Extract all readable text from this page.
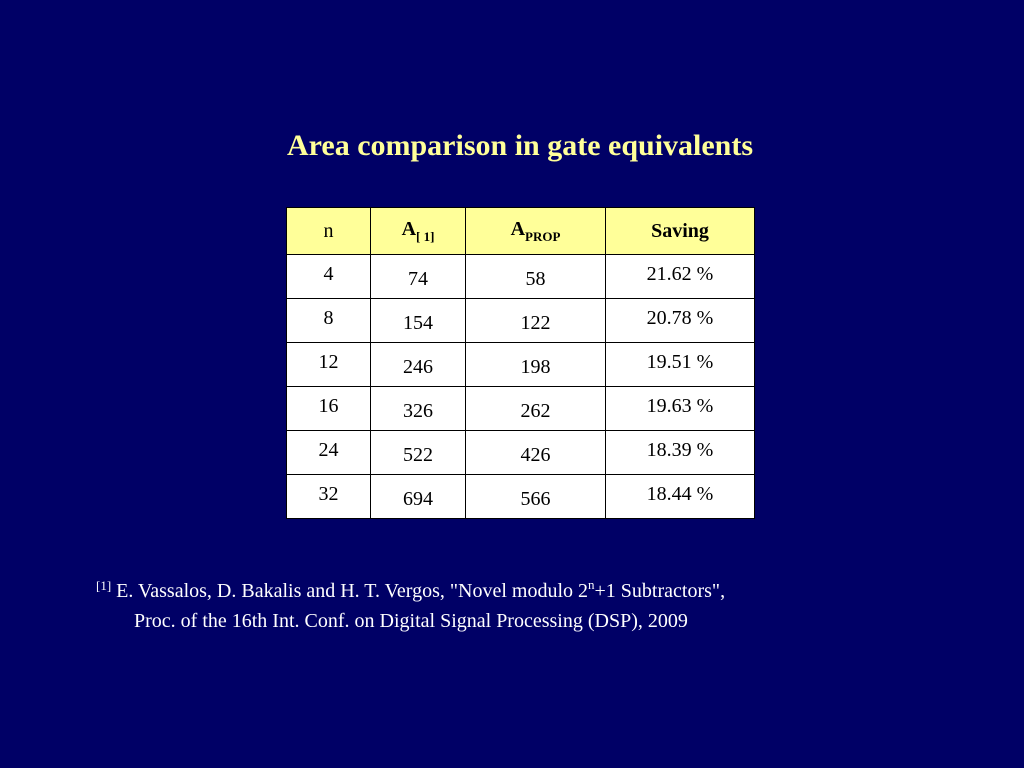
Area comparison in gate equivalents
n	$A_{[ 1]}$	$A_{PROP}$	Saving
4	74	58	21.62 %
8	154	122	20.78 %
12	246	198	19.51 %
16	326	262	19.63 %
24	522	426	18.39 %
32	694	566	18.44 %
[1] E. Vassalos, D. Bakalis and H. T. Vergos, "Novel modulo 2$^n$+1 Subtractors",
Proc. of the 16th Int. Conf. on Digital Signal Processing (DSP), 2009
